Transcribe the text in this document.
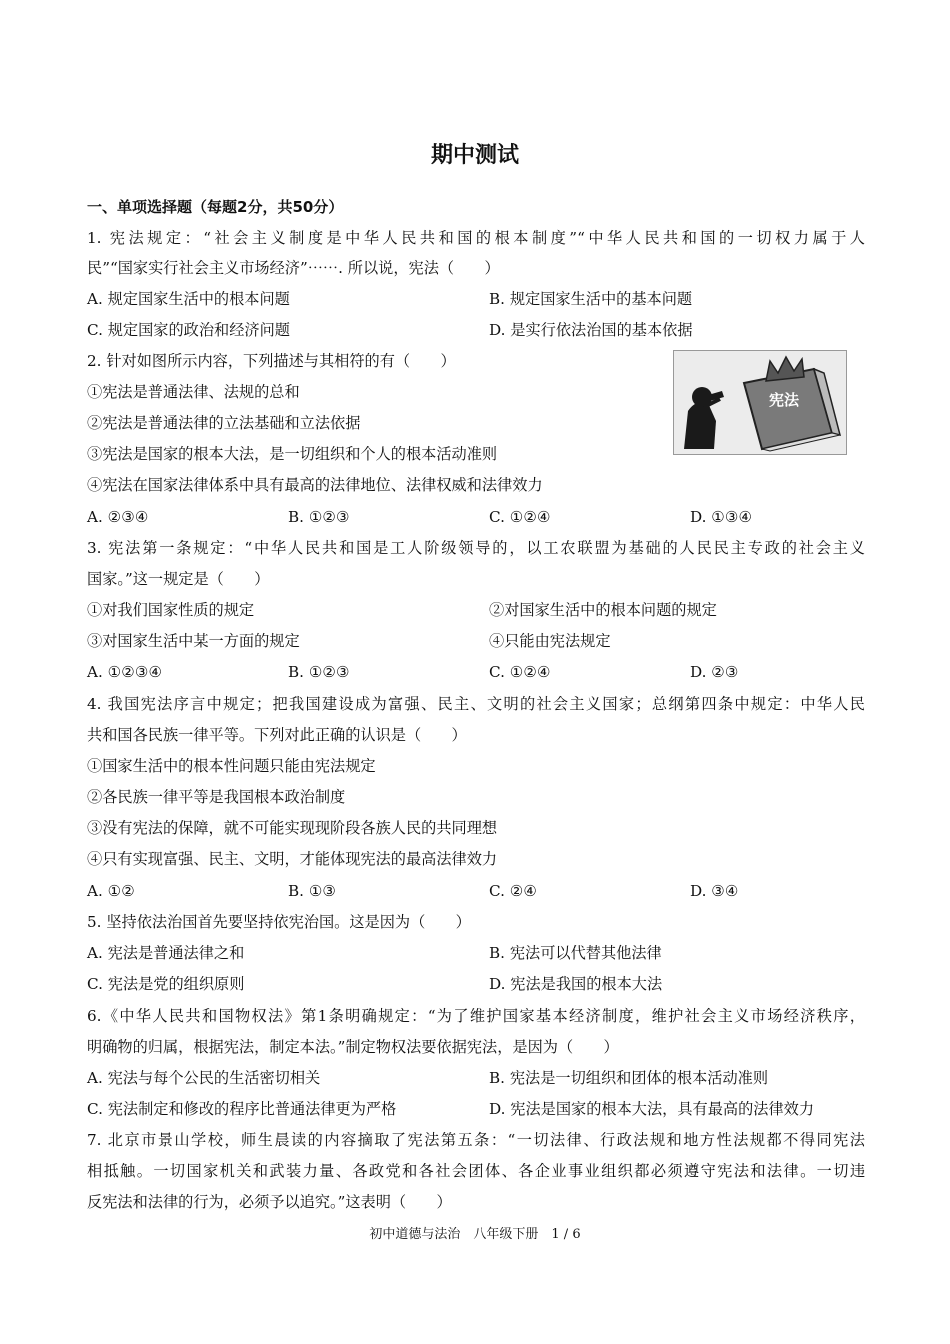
期中测试
一、单项选择题（每题2分，共50分）
1. 宪法规定：“社会主义制度是中华人民共和国的根本制度”“中华人民共和国的一切权力属于人
民”“国家实行社会主义市场经济”⋯⋯. 所以说，宪法（　　）
A. 规定国家生活中的根本问题	B. 规定国家生活中的基本问题
C. 规定国家的政治和经济问题	D. 是实行依法治国的基本依据
2. 针对如图所示内容，下列描述与其相符的有（　　）
①宪法是普通法律、法规的总和
②宪法是普通法律的立法基础和立法依据
③宪法是国家的根本大法，是一切组织和个人的根本活动准则
④宪法在国家法律体系中具有最高的法律地位、法律权威和法律效力
A. ②③④	B. ①②③	C. ①②④	D. ①③④
宪法
3. 宪法第一条规定：“中华人民共和国是工人阶级领导的，以工农联盟为基础的人民民主专政的社会主义
国家。”这一规定是（　　）
①对我们国家性质的规定	②对国家生活中的根本问题的规定
③对国家生活中某一方面的规定	④只能由宪法规定
A. ①②③④	B. ①②③	C. ①②④	D. ②③
4. 我国宪法序言中规定；把我国建设成为富强、民主、文明的社会主义国家；总纲第四条中规定：中华人民
共和国各民族一律平等。下列对此正确的认识是（　　）
①国家生活中的根本性问题只能由宪法规定
②各民族一律平等是我国根本政治制度
③没有宪法的保障，就不可能实现现阶段各族人民的共同理想
④只有实现富强、民主、文明，才能体现宪法的最高法律效力
A. ①②	B. ①③	C. ②④	D. ③④
5. 坚持依法治国首先要坚持依宪治国。这是因为（　　）
A. 宪法是普通法律之和	B. 宪法可以代替其他法律
C. 宪法是党的组织原则	D. 宪法是我国的根本大法
6.《中华人民共和国物权法》第1条明确规定：“为了维护国家基本经济制度，维护社会主义市场经济秩序，
明确物的归属，根据宪法，制定本法。”制定物权法要依据宪法，是因为（　　）
A. 宪法与每个公民的生活密切相关	B. 宪法是一切组织和团体的根本活动准则
C. 宪法制定和修改的程序比普通法律更为严格	D. 宪法是国家的根本大法，具有最高的法律效力
7. 北京市景山学校，师生晨读的内容摘取了宪法第五条：“一切法律、行政法规和地方性法规都不得同宪法
相抵触。一切国家机关和武装力量、各政党和各社会团体、各企业事业组织都必须遵守宪法和法律。一切违
反宪法和法律的行为，必须予以追究。”这表明（　　）
初中道德与法治　八年级下册　1 / 6
